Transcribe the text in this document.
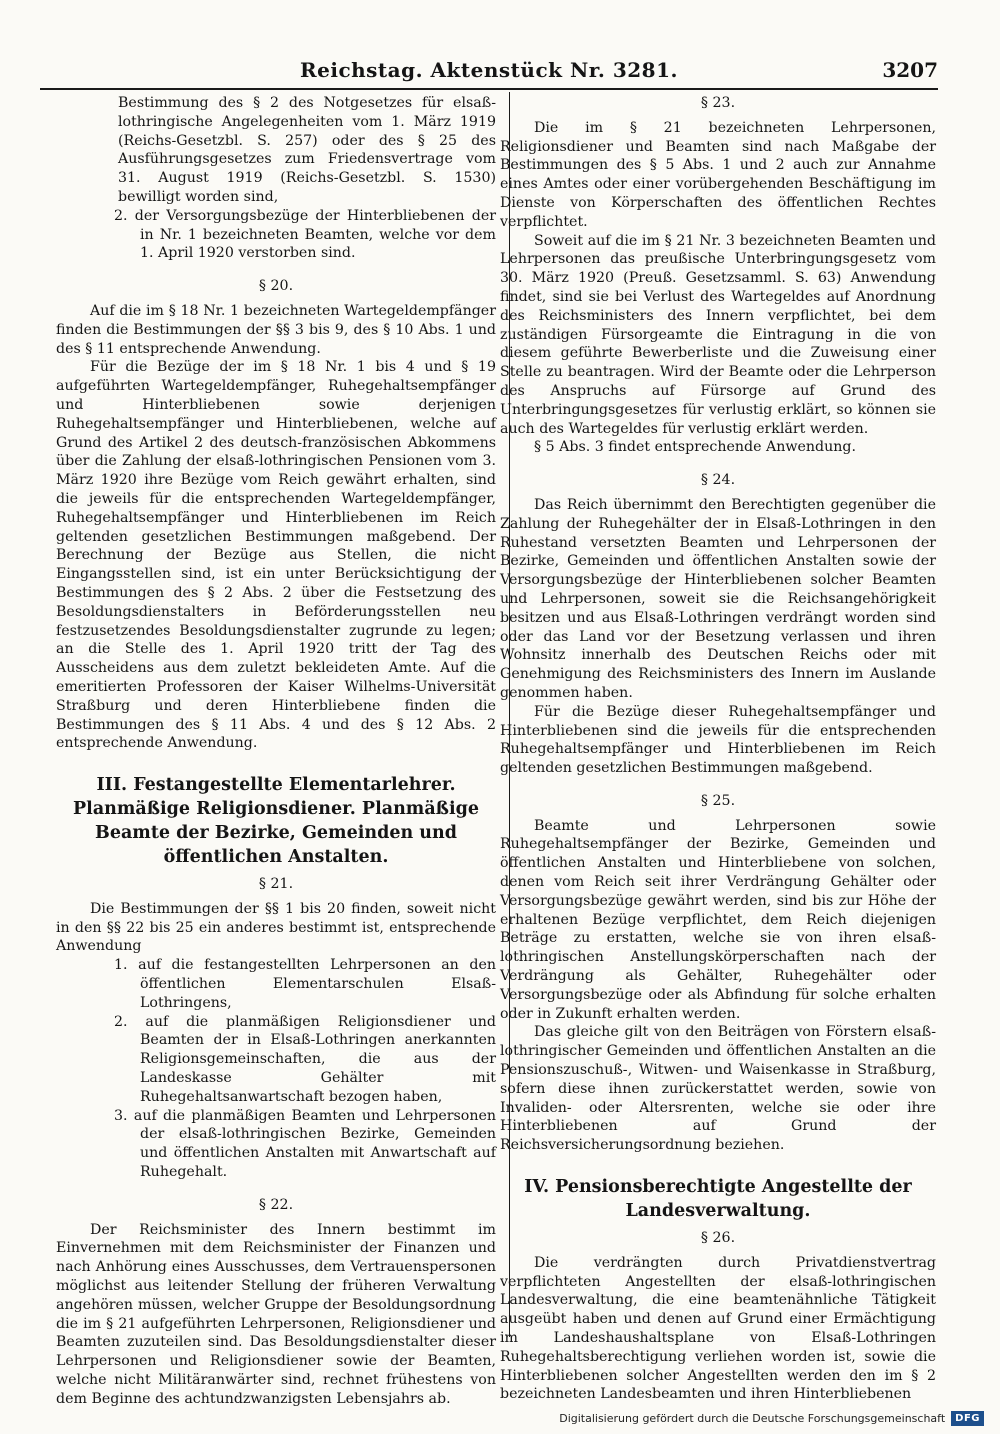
Reichstag. Aktenstück Nr. 3281.	3207

Bestimmung des § 2 des Notgesetzes für elsaß-lothringische Angelegenheiten vom 1. März 1919 (Reichs-Gesetzbl. S. 257) oder des § 25 des Ausführungsgesetzes zum Friedensvertrage vom 31. August 1919 (Reichs-Gesetzbl. S. 1530) bewilligt worden sind,

2. der Versorgungsbezüge der Hinterbliebenen der in Nr. 1 bezeichneten Beamten, welche vor dem 1. April 1920 verstorben sind.

§ 20.

Auf die im § 18 Nr. 1 bezeichneten Wartegeldempfänger finden die Bestimmungen der §§ 3 bis 9, des § 10 Abs. 1 und des § 11 entsprechende Anwendung.

Für die Bezüge der im § 18 Nr. 1 bis 4 und § 19 aufgeführten Wartegeldempfänger, Ruhegehaltsempfänger und Hinterbliebenen sowie derjenigen Ruhegehaltsempfänger und Hinterbliebenen, welche auf Grund des Artikel 2 des deutsch-französischen Abkommens über die Zahlung der elsaß-lothringischen Pensionen vom 3. März 1920 ihre Bezüge vom Reich gewährt erhalten, sind die jeweils für die entsprechenden Wartegeldempfänger, Ruhegehaltsempfänger und Hinterbliebenen im Reich geltenden gesetzlichen Bestimmungen maßgebend. Der Berechnung der Bezüge aus Stellen, die nicht Eingangsstellen sind, ist ein unter Berücksichtigung der Bestimmungen des § 2 Abs. 2 über die Festsetzung des Besoldungsdienstalters in Beförderungsstellen neu festzusetzendes Besoldungsdienstalter zugrunde zu legen; an die Stelle des 1. April 1920 tritt der Tag des Ausscheidens aus dem zuletzt bekleideten Amte. Auf die emeritierten Professoren der Kaiser Wilhelms-Universität Straßburg und deren Hinterbliebene finden die Bestimmungen des § 11 Abs. 4 und des § 12 Abs. 2 entsprechende Anwendung.

III. Festangestellte Elementarlehrer. Planmäßige Religionsdiener. Planmäßige Beamte der Bezirke, Gemeinden und öffentlichen Anstalten.

§ 21.

Die Bestimmungen der §§ 1 bis 20 finden, soweit nicht in den §§ 22 bis 25 ein anderes bestimmt ist, entsprechende Anwendung

1. auf die festangestellten Lehrpersonen an den öffentlichen Elementarschulen Elsaß-Lothringens,

2. auf die planmäßigen Religionsdiener und Beamten der in Elsaß-Lothringen anerkannten Religionsgemeinschaften, die aus der Landeskasse Gehälter mit Ruhegehaltsanwartschaft bezogen haben,

3. auf die planmäßigen Beamten und Lehrpersonen der elsaß-lothringischen Bezirke, Gemeinden und öffentlichen Anstalten mit Anwartschaft auf Ruhegehalt.

§ 22.

Der Reichsminister des Innern bestimmt im Einvernehmen mit dem Reichsminister der Finanzen und nach Anhörung eines Ausschusses, dem Vertrauenspersonen möglichst aus leitender Stellung der früheren Verwaltung angehören müssen, welcher Gruppe der Besoldungsordnung die im § 21 aufgeführten Lehrpersonen, Religionsdiener und Beamten zuzuteilen sind. Das Besoldungsdienstalter dieser Lehrpersonen und Religionsdiener sowie der Beamten, welche nicht Militäranwärter sind, rechnet frühestens von dem Beginne des achtundzwanzigsten Lebensjahrs ab.

§ 23.

Die im § 21 bezeichneten Lehrpersonen, Religionsdiener und Beamten sind nach Maßgabe der Bestimmungen des § 5 Abs. 1 und 2 auch zur Annahme eines Amtes oder einer vorübergehenden Beschäftigung im Dienste von Körperschaften des öffentlichen Rechtes verpflichtet.

Soweit auf die im § 21 Nr. 3 bezeichneten Beamten und Lehrpersonen das preußische Unterbringungsgesetz vom 30. März 1920 (Preuß. Gesetzsamml. S. 63) Anwendung findet, sind sie bei Verlust des Wartegeldes auf Anordnung des Reichsministers des Innern verpflichtet, bei dem zuständigen Fürsorgeamte die Eintragung in die von diesem geführte Bewerberliste und die Zuweisung einer Stelle zu beantragen. Wird der Beamte oder die Lehrperson des Anspruchs auf Fürsorge auf Grund des Unterbringungsgesetzes für verlustig erklärt, so können sie auch des Wartegeldes für verlustig erklärt werden.

§ 5 Abs. 3 findet entsprechende Anwendung.

§ 24.

Das Reich übernimmt den Berechtigten gegenüber die Zahlung der Ruhegehälter der in Elsaß-Lothringen in den Ruhestand versetzten Beamten und Lehrpersonen der Bezirke, Gemeinden und öffentlichen Anstalten sowie der Versorgungsbezüge der Hinterbliebenen solcher Beamten und Lehrpersonen, soweit sie die Reichsangehörigkeit besitzen und aus Elsaß-Lothringen verdrängt worden sind oder das Land vor der Besetzung verlassen und ihren Wohnsitz innerhalb des Deutschen Reichs oder mit Genehmigung des Reichsministers des Innern im Auslande genommen haben.

Für die Bezüge dieser Ruhegehaltsempfänger und Hinterbliebenen sind die jeweils für die entsprechenden Ruhegehaltsempfänger und Hinterbliebenen im Reich geltenden gesetzlichen Bestimmungen maßgebend.

§ 25.

Beamte und Lehrpersonen sowie Ruhegehaltsempfänger der Bezirke, Gemeinden und öffentlichen Anstalten und Hinterbliebene von solchen, denen vom Reich seit ihrer Verdrängung Gehälter oder Versorgungsbezüge gewährt werden, sind bis zur Höhe der erhaltenen Bezüge verpflichtet, dem Reich diejenigen Beträge zu erstatten, welche sie von ihren elsaß-lothringischen Anstellungskörperschaften nach der Verdrängung als Gehälter, Ruhegehälter oder Versorgungsbezüge oder als Abfindung für solche erhalten oder in Zukunft erhalten werden.

Das gleiche gilt von den Beiträgen von Förstern elsaß-lothringischer Gemeinden und öffentlichen Anstalten an die Pensionszuschuß-, Witwen- und Waisenkasse in Straßburg, sofern diese ihnen zurückerstattet werden, sowie von Invaliden- oder Altersrenten, welche sie oder ihre Hinterbliebenen auf Grund der Reichsversicherungsordnung beziehen.

IV. Pensionsberechtigte Angestellte der Landesverwaltung.

§ 26.

Die verdrängten durch Privatdienstvertrag verpflichteten Angestellten der elsaß-lothringischen Landesverwaltung, die eine beamtenähnliche Tätigkeit ausgeübt haben und denen auf Grund einer Ermächtigung im Landeshaushaltsplane von Elsaß-Lothringen Ruhegehaltsberechtigung verliehen worden ist, sowie die Hinterbliebenen solcher Angestellten werden den im § 2 bezeichneten Landesbeamten und ihren Hinterbliebenen

Digitalisierung gefördert durch die Deutsche Forschungsgemeinschaft	DFG
